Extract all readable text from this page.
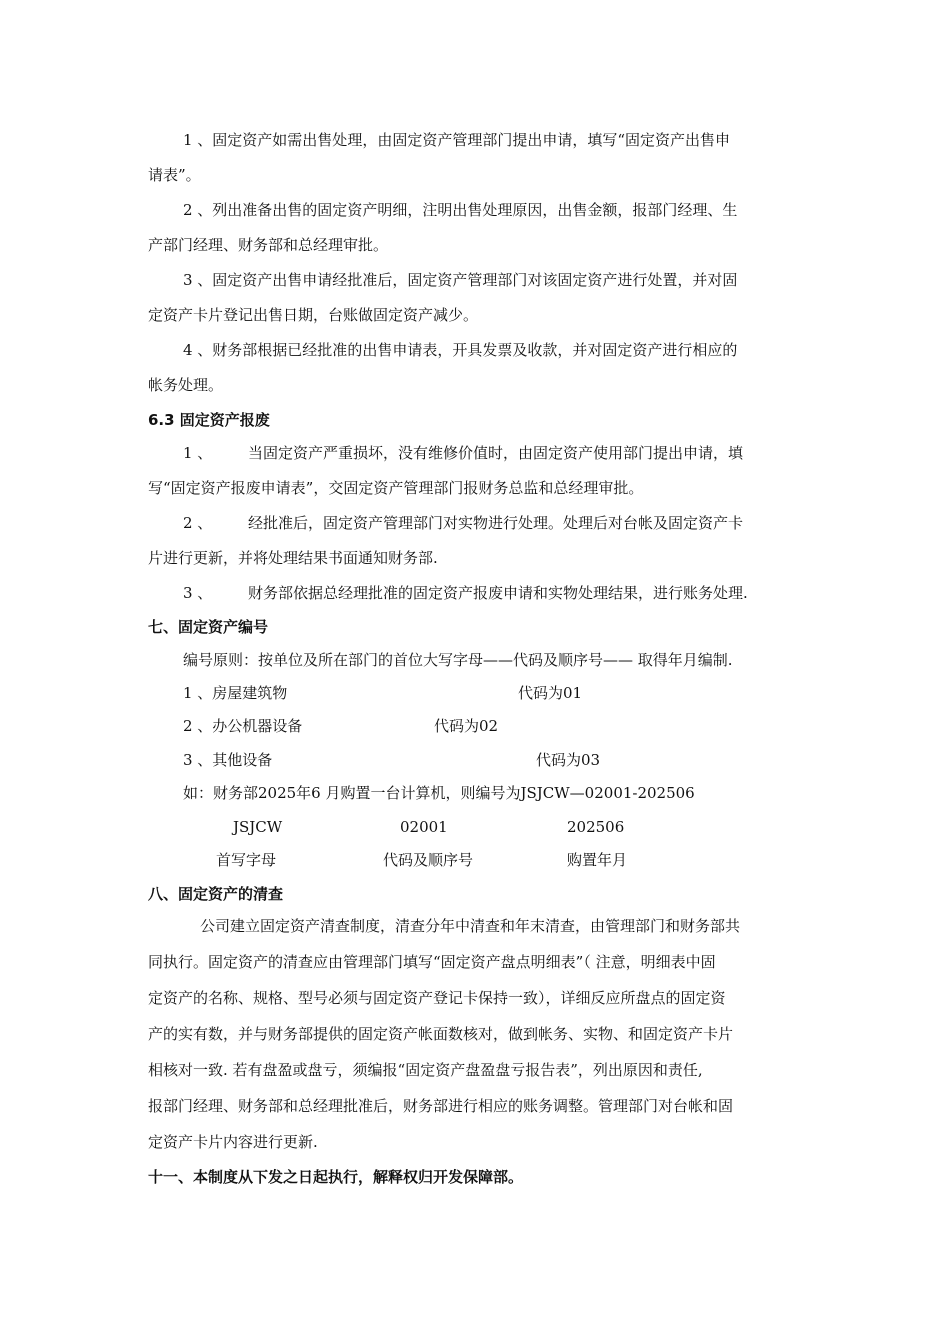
1 、固定资产如需出售处理，由固定资产管理部门提出申请，填写“固定资产出售申
请表”。
2 、列出准备出售的固定资产明细，注明出售处理原因，出售金额，报部门经理、生
产部门经理、财务部和总经理审批。
3 、固定资产出售申请经批准后，固定资产管理部门对该固定资产进行处置，并对固
定资产卡片登记出售日期，台账做固定资产减少。
4 、财务部根据已经批准的出售申请表，开具发票及收款，并对固定资产进行相应的
帐务处理。
6.3 固定资产报废
1 、 当固定资产严重损坏，没有维修价值时，由固定资产使用部门提出申请，填
写“固定资产报废申请表”，交固定资产管理部门报财务总监和总经理审批。
2 、 经批准后，固定资产管理部门对实物进行处理。处理后对台帐及固定资产卡
片进行更新，并将处理结果书面通知财务部.
3 、 财务部依据总经理批准的固定资产报废申请和实物处理结果，进行账务处理.
七、固定资产编号
编号原则：按单位及所在部门的首位大写字母——代码及顺序号—— 取得年月编制.
1 、房屋建筑物	代码为01
2 、办公机器设备	代码为02
3 、其他设备	代码为03
如：财务部2025年6 月购置一台计算机，则编号为JSJCW—02001-202506
JSJCW	02001	202506
首写字母	代码及顺序号	购置年月
八、固定资产的清查
公司建立固定资产清查制度，清查分年中清查和年末清查，由管理部门和财务部共
同执行。固定资产的清查应由管理部门填写“固定资产盘点明细表”（ 注意，明细表中固
定资产的名称、规格、型号必须与固定资产登记卡保持一致），详细反应所盘点的固定资
产的实有数，并与财务部提供的固定资产帐面数核对，做到帐务、实物、和固定资产卡片
相核对一致. 若有盘盈或盘亏，须编报“固定资产盘盈盘亏报告表”，列出原因和责任,
报部门经理、财务部和总经理批准后，财务部进行相应的账务调整。管理部门对台帐和固
定资产卡片内容进行更新.
十一、本制度从下发之日起执行，解释权归开发保障部。
